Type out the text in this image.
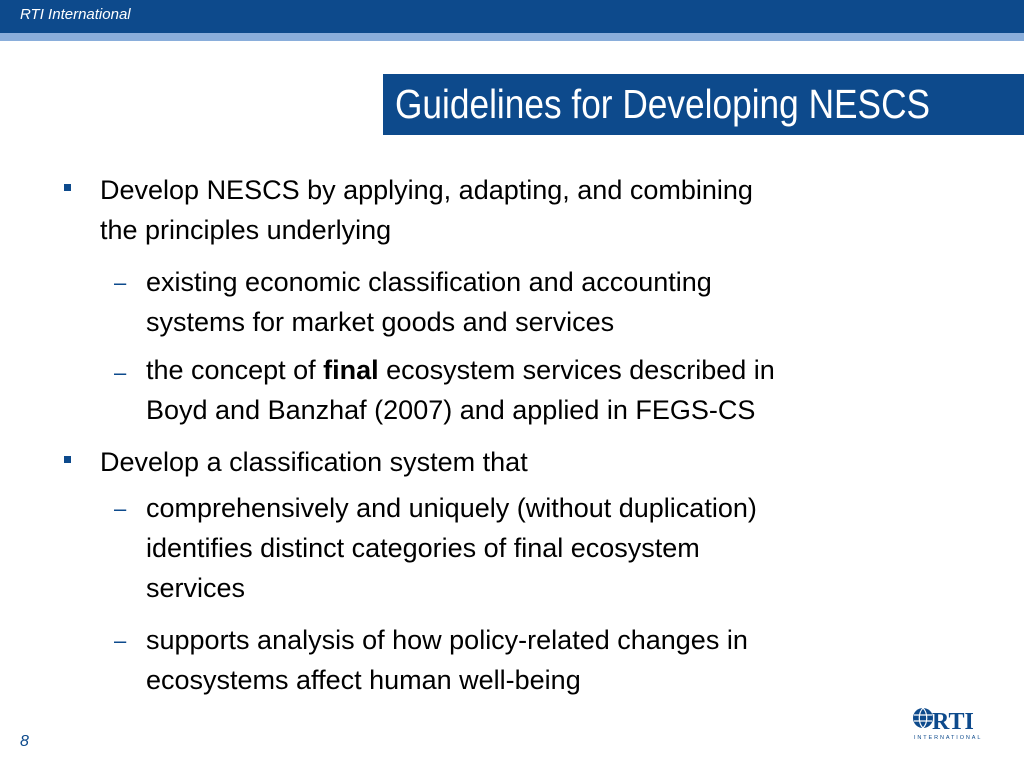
RTI International
Guidelines for Developing NESCS
Develop NESCS by applying, adapting, and combining
the principles underlying
– existing economic classification and accounting
systems for market goods and services
– the concept of final ecosystem services described in
Boyd and Banzhaf (2007) and applied in FEGS-CS
Develop a classification system that
– comprehensively and uniquely (without duplication)
identifies distinct categories of final ecosystem
services
– supports analysis of how policy-related changes in
ecosystems affect human well-being
8
RTI
INTERNATIONAL
